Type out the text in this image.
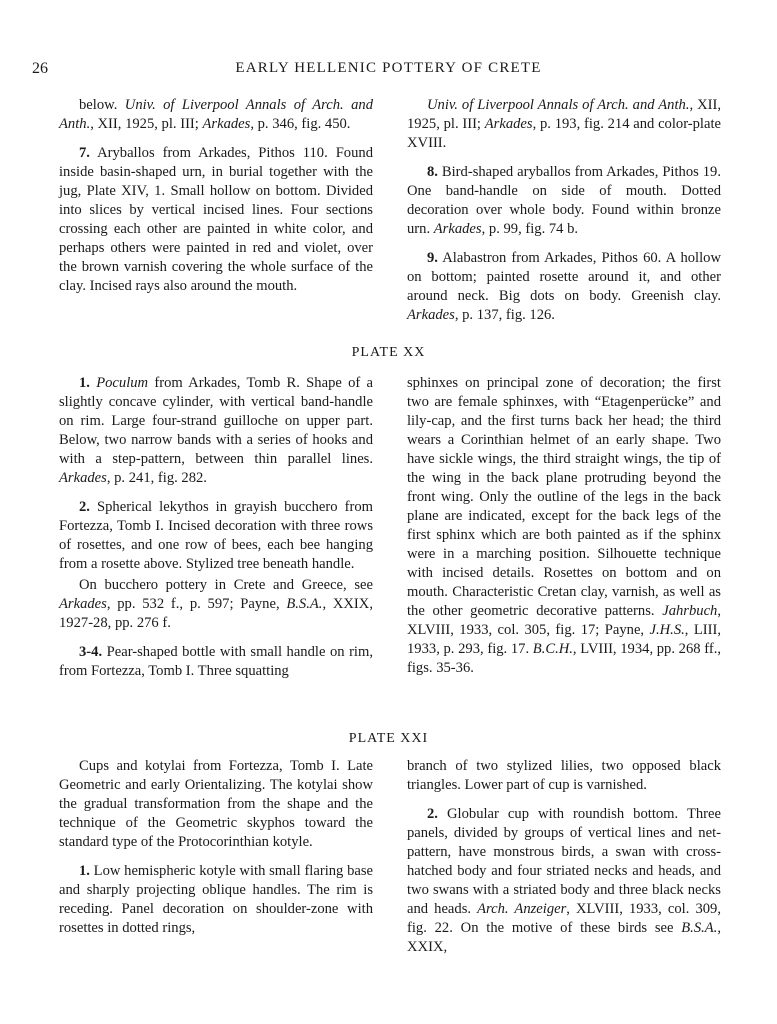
26	EARLY HELLENIC POTTERY OF CRETE

below. Univ. of Liverpool Annals of Arch. and Anth., XII, 1925, pl. III; Arkades, p. 346, fig. 450.

7. Aryballos from Arkades, Pithos 110. Found inside basin-shaped urn, in burial together with the jug, Plate XIV, 1. Small hollow on bottom. Divided into slices by vertical incised lines. Four sections crossing each other are painted in white color, and perhaps others were painted in red and violet, over the brown varnish covering the whole surface of the clay. Incised rays also around the mouth.

Univ. of Liverpool Annals of Arch. and Anth., XII, 1925, pl. III; Arkades, p. 193, fig. 214 and color-plate XVIII.

8. Bird-shaped aryballos from Arkades, Pithos 19. One band-handle on side of mouth. Dotted decoration over whole body. Found within bronze urn. Arkades, p. 99, fig. 74 b.

9. Alabastron from Arkades, Pithos 60. A hollow on bottom; painted rosette around it, and other around neck. Big dots on body. Greenish clay. Arkades, p. 137, fig. 126.

PLATE XX

1. Poculum from Arkades, Tomb R. Shape of a slightly concave cylinder, with vertical band-handle on rim. Large four-strand guilloche on upper part. Below, two narrow bands with a series of hooks and with a step-pattern, between thin parallel lines. Arkades, p. 241, fig. 282.

2. Spherical lekythos in grayish bucchero from Fortezza, Tomb I. Incised decoration with three rows of rosettes, and one row of bees, each bee hanging from a rosette above. Stylized tree beneath handle.

On bucchero pottery in Crete and Greece, see Arkades, pp. 532 f., p. 597; Payne, B.S.A., XXIX, 1927-28, pp. 276 f.

3-4. Pear-shaped bottle with small handle on rim, from Fortezza, Tomb I. Three squatting

sphinxes on principal zone of decoration; the first two are female sphinxes, with “Etagenperücke” and lily-cap, and the first turns back her head; the third wears a Corinthian helmet of an early shape. Two have sickle wings, the third straight wings, the tip of the wing in the back plane protruding beyond the front wing. Only the outline of the legs in the back plane are indicated, except for the back legs of the first sphinx which are both painted as if the sphinx were in a marching position. Silhouette technique with incised details. Rosettes on bottom and on mouth. Characteristic Cretan clay, varnish, as well as the other geometric decorative patterns. Jahrbuch, XLVIII, 1933, col. 305, fig. 17; Payne, J.H.S., LIII, 1933, p. 293, fig. 17. B.C.H., LVIII, 1934, pp. 268 ff., figs. 35-36.

PLATE XXI

Cups and kotylai from Fortezza, Tomb I. Late Geometric and early Orientalizing. The kotylai show the gradual transformation from the shape and the technique of the Geometric skyphos toward the standard type of the Protocorinthian kotyle.

1. Low hemispheric kotyle with small flaring base and sharply projecting oblique handles. The rim is receding. Panel decoration on shoulder-zone with rosettes in dotted rings,

branch of two stylized lilies, two opposed black triangles. Lower part of cup is varnished.

2. Globular cup with roundish bottom. Three panels, divided by groups of vertical lines and net-pattern, have monstrous birds, a swan with cross-hatched body and four striated necks and heads, and two swans with a striated body and three black necks and heads. Arch. Anzeiger, XLVIII, 1933, col. 309, fig. 22. On the motive of these birds see B.S.A., XXIX,
